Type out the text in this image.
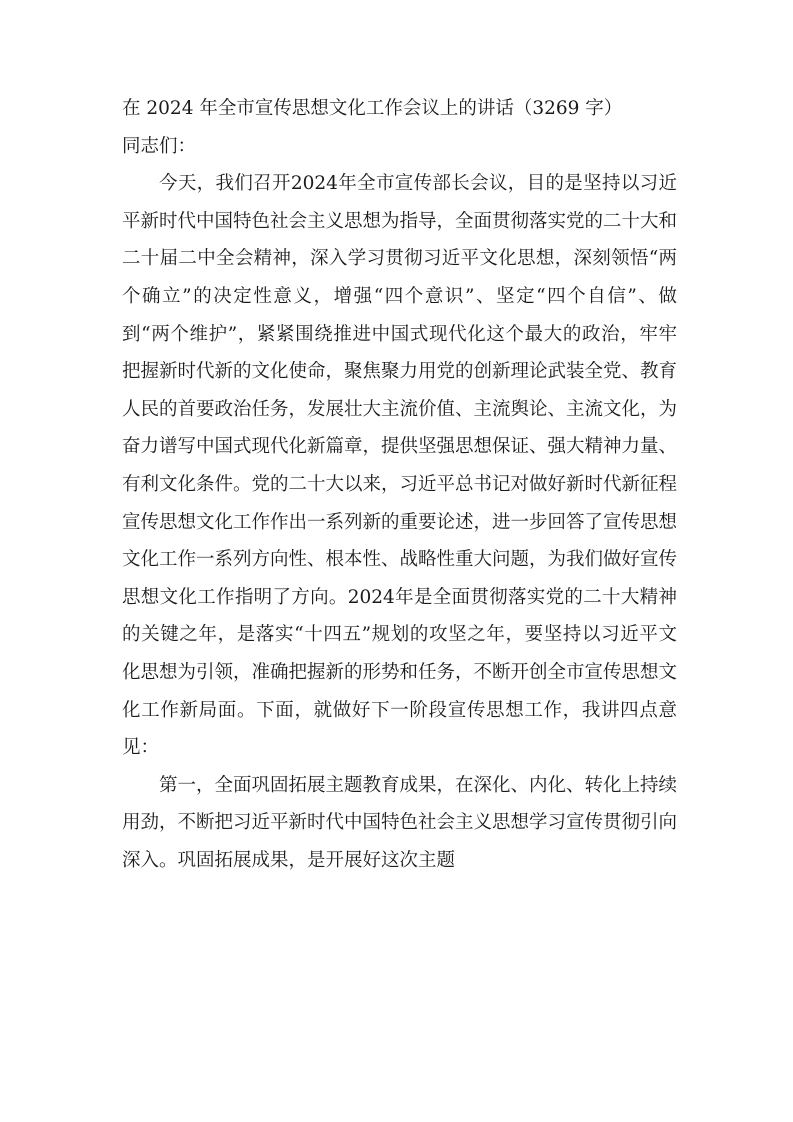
在 2024 年全市宣传思想文化工作会议上的讲话（3269 字）

同志们：

今天，我们召开2024年全市宣传部长会议，目的是坚持以习近平新时代中国特色社会主义思想为指导，全面贯彻落实党的二十大和二十届二中全会精神，深入学习贯彻习近平文化思想，深刻领悟“两个确立”的决定性意义，增强“四个意识”、坚定“四个自信”、做到“两个维护”，紧紧围绕推进中国式现代化这个最大的政治，牢牢把握新时代新的文化使命，聚焦聚力用党的创新理论武装全党、教育人民的首要政治任务，发展壮大主流价值、主流舆论、主流文化，为奋力谱写中国式现代化新篇章，提供坚强思想保证、强大精神力量、有利文化条件。党的二十大以来，习近平总书记对做好新时代新征程宣传思想文化工作作出一系列新的重要论述，进一步回答了宣传思想文化工作一系列方向性、根本性、战略性重大问题，为我们做好宣传思想文化工作指明了方向。2024年是全面贯彻落实党的二十大精神的关键之年，是落实“十四五”规划的攻坚之年，要坚持以习近平文化思想为引领，准确把握新的形势和任务，不断开创全市宣传思想文化工作新局面。下面，就做好下一阶段宣传思想工作，我讲四点意见：

第一，全面巩固拓展主题教育成果，在深化、内化、转化上持续用劲，不断把习近平新时代中国特色社会主义思想学习宣传贯彻引向深入。巩固拓展成果，是开展好这次主题
